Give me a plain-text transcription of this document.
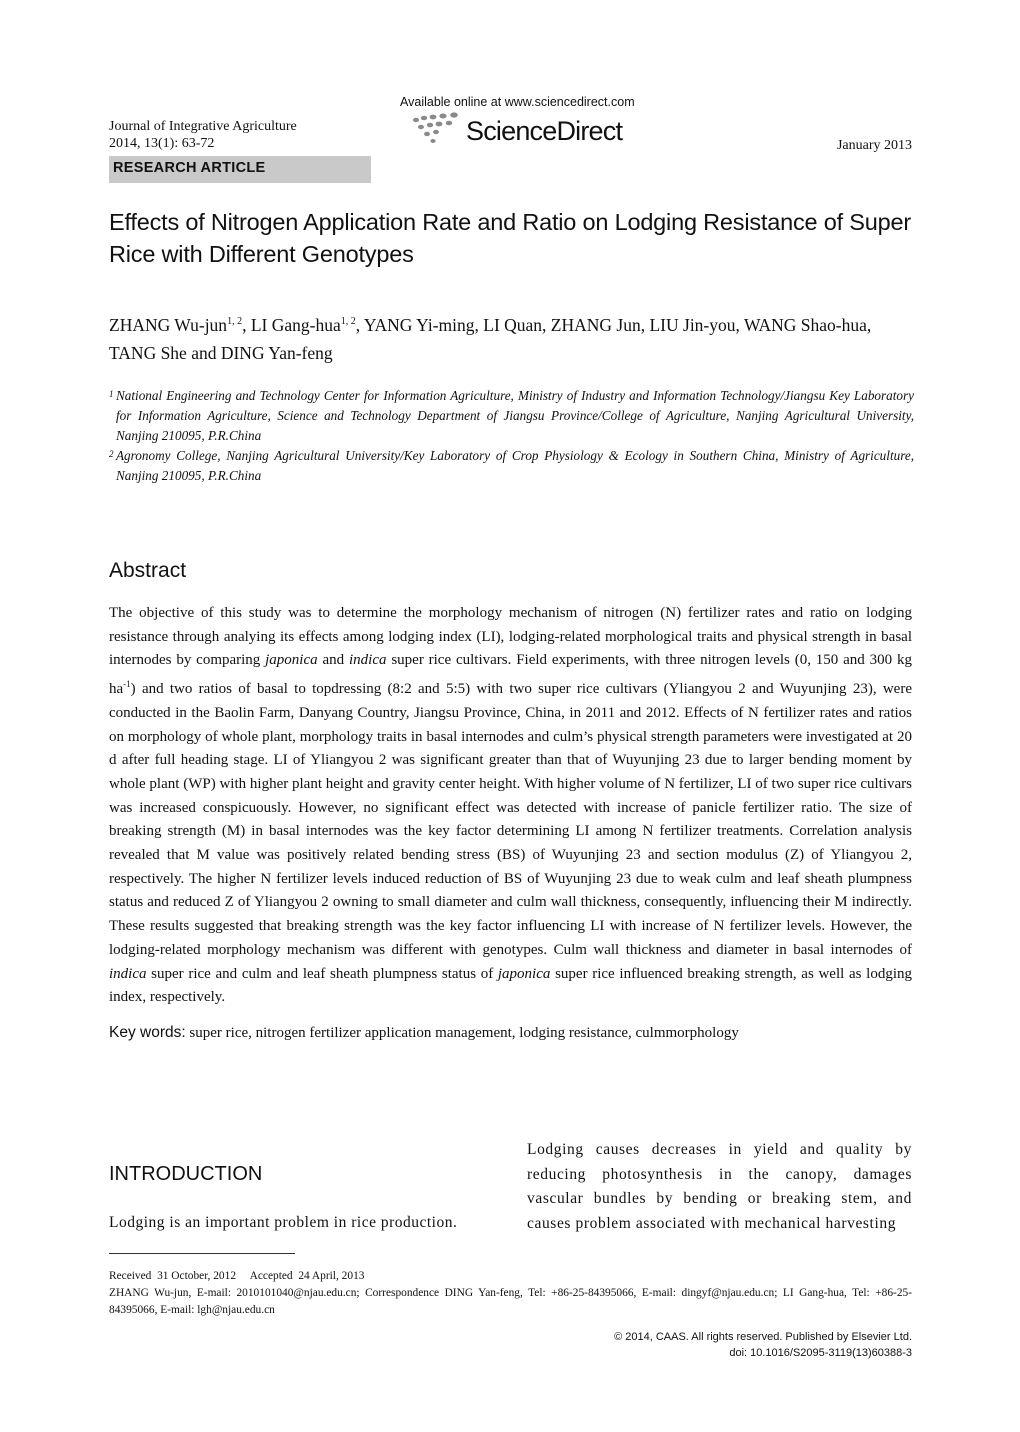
Journal of Integrative Agriculture
2014, 13(1): 63-72
Available online at www.sciencedirect.com
ScienceDirect	January 2013
RESEARCH ARTICLE
Effects of Nitrogen Application Rate and Ratio on Lodging Resistance of Super Rice with Different Genotypes
ZHANG Wu-jun$^{1, 2}$, LI Gang-hua$^{1, 2}$, YANG Yi-ming, LI Quan, ZHANG Jun, LIU Jin-you, WANG Shao-hua, TANG She and DING Yan-feng
1 National Engineering and Technology Center for Information Agriculture, Ministry of Industry and Information Technology/Jiangsu Key Laboratory for Information Agriculture, Science and Technology Department of Jiangsu Province/College of Agriculture, Nanjing Agricultural University, Nanjing 210095, P.R.China
2 Agronomy College, Nanjing Agricultural University/Key Laboratory of Crop Physiology & Ecology in Southern China, Ministry of Agriculture, Nanjing 210095, P.R.China
Abstract
The objective of this study was to determine the morphology mechanism of nitrogen (N) fertilizer rates and ratio on lodging resistance through analying its effects among lodging index (LI), lodging-related morphological traits and physical strength in basal internodes by comparing japonica and indica super rice cultivars. Field experiments, with three nitrogen levels (0, 150 and 300 kg $ha^{-1}$) and two ratios of basal to topdressing (8:2 and 5:5) with two super rice cultivars (Yliangyou 2 and Wuyunjing 23), were conducted in the Baolin Farm, Danyang Country, Jiangsu Province, China, in 2011 and 2012. Effects of N fertilizer rates and ratios on morphology of whole plant, morphology traits in basal internodes and culm’s physical strength parameters were investigated at 20 d after full heading stage. LI of Yliangyou 2 was significant greater than that of Wuyunjing 23 due to larger bending moment by whole plant (WP) with higher plant height and gravity center height. With higher volume of N fertilizer, LI of two super rice cultivars was increased conspicuously. However, no significant effect was detected with increase of panicle fertilizer ratio. The size of breaking strength (M) in basal internodes was the key factor determining LI among N fertilizer treatments. Correlation analysis revealed that M value was positively related bending stress (BS) of Wuyunjing 23 and section modulus (Z) of Yliangyou 2, respectively. The higher N fertilizer levels induced reduction of BS of Wuyunjing 23 due to weak culm and leaf sheath plumpness status and reduced Z of Yliangyou 2 owning to small diameter and culm wall thickness, consequently, influencing their M indirectly. These results suggested that breaking strength was the key factor influencing LI with increase of N fertilizer levels. However, the lodging-related morphology mechanism was different with genotypes. Culm wall thickness and diameter in basal internodes of indica super rice and culm and leaf sheath plumpness status of japonica super rice influenced breaking strength, as well as lodging index, respectively.
Key words: super rice, nitrogen fertilizer application management, lodging resistance, culmmorphology
INTRODUCTION
Lodging is an important problem in rice production.
Lodging causes decreases in yield and quality by reducing photosynthesis in the canopy, damages vascular bundles by bending or breaking stem, and causes problem associated with mechanical harvesting
Received  31 October, 2012     Accepted  24 April, 2013
ZHANG Wu-jun, E-mail: 2010101040@njau.edu.cn; Correspondence DING Yan-feng, Tel: +86-25-84395066, E-mail: dingyf@njau.edu.cn; LI Gang-hua, Tel: +86-25-84395066, E-mail: lgh@njau.edu.cn
© 2014, CAAS. All rights reserved. Published by Elsevier Ltd.
doi: 10.1016/S2095-3119(13)60388-3
